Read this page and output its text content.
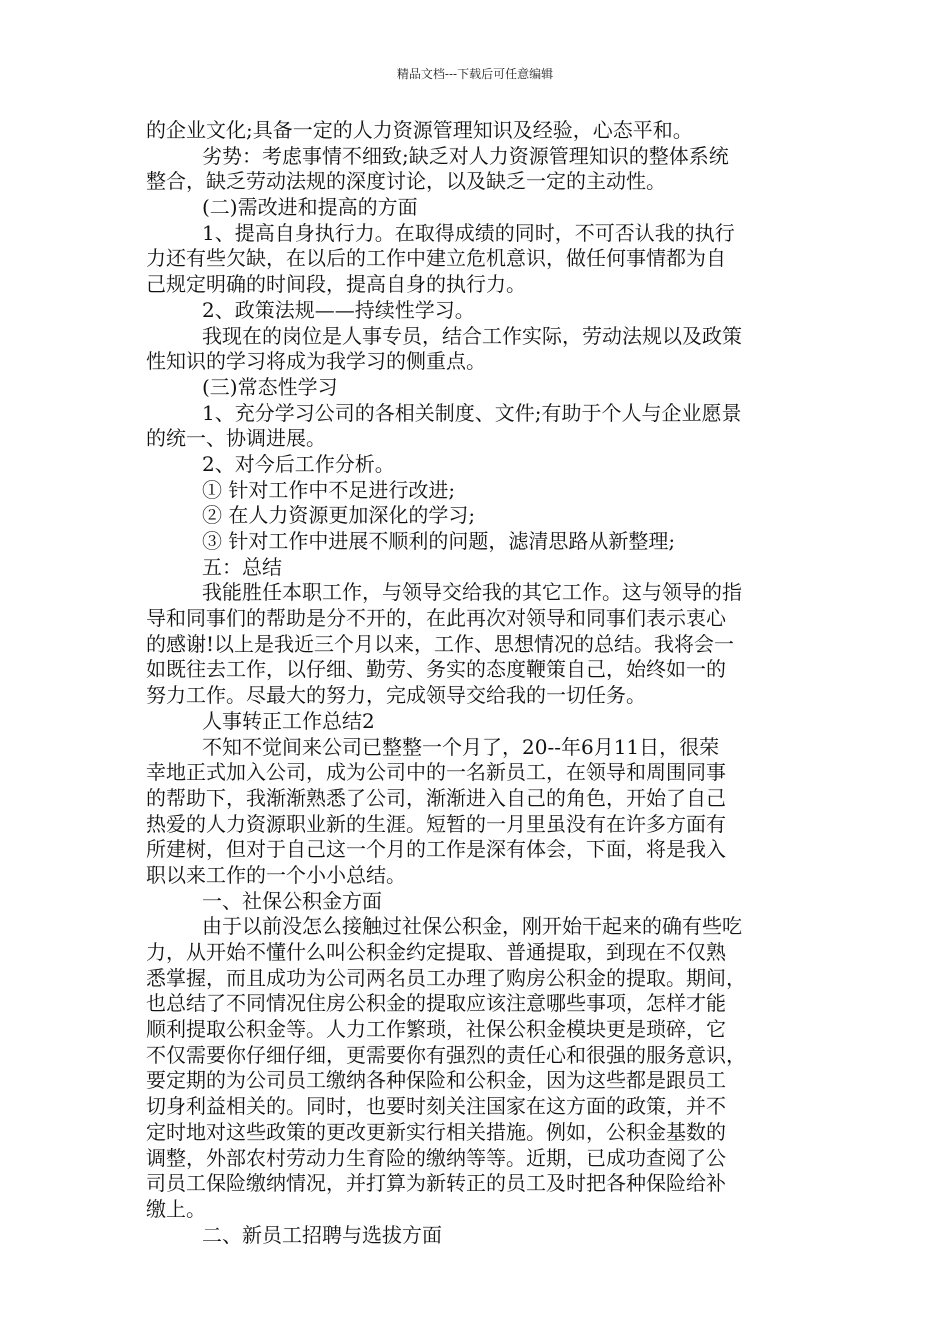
精品文档---下载后可任意编辑
的企业文化;具备一定的人力资源管理知识及经验，心态平和。
劣势：考虑事情不细致;缺乏对人力资源管理知识的整体系统
整合，缺乏劳动法规的深度讨论，以及缺乏一定的主动性。
(二)需改进和提高的方面
1、提高自身执行力。在取得成绩的同时，不可否认我的执行
力还有些欠缺，在以后的工作中建立危机意识，做任何事情都为自
己规定明确的时间段，提高自身的执行力。
2、政策法规——持续性学习。
我现在的岗位是人事专员，结合工作实际，劳动法规以及政策
性知识的学习将成为我学习的侧重点。
(三)常态性学习
1、充分学习公司的各相关制度、文件;有助于个人与企业愿景
的统一、协调进展。
2、对今后工作分析。
① 针对工作中不足进行改进;
② 在人力资源更加深化的学习;
③ 针对工作中进展不顺利的问题，滤清思路从新整理;
五：总结
我能胜任本职工作，与领导交给我的其它工作。这与领导的指
导和同事们的帮助是分不开的，在此再次对领导和同事们表示衷心
的感谢!以上是我近三个月以来，工作、思想情况的总结。我将会一
如既往去工作，以仔细、勤劳、务实的态度鞭策自己，始终如一的
努力工作。尽最大的努力，完成领导交给我的一切任务。
人事转正工作总结2
不知不觉间来公司已整整一个月了，20--年6月11日，很荣
幸地正式加入公司，成为公司中的一名新员工，在领导和周围同事
的帮助下，我渐渐熟悉了公司，渐渐进入自己的角色，开始了自己
热爱的人力资源职业新的生涯。短暂的一月里虽没有在许多方面有
所建树，但对于自己这一个月的工作是深有体会，下面，将是我入
职以来工作的一个小小总结。
一、社保公积金方面
由于以前没怎么接触过社保公积金，刚开始干起来的确有些吃
力，从开始不懂什么叫公积金约定提取、普通提取，到现在不仅熟
悉掌握，而且成功为公司两名员工办理了购房公积金的提取。期间，
也总结了不同情况住房公积金的提取应该注意哪些事项，怎样才能
顺利提取公积金等。人力工作繁琐，社保公积金模块更是琐碎，它
不仅需要你仔细仔细，更需要你有强烈的责任心和很强的服务意识，
要定期的为公司员工缴纳各种保险和公积金，因为这些都是跟员工
切身利益相关的。同时，也要时刻关注国家在这方面的政策，并不
定时地对这些政策的更改更新实行相关措施。例如，公积金基数的
调整，外部农村劳动力生育险的缴纳等等。近期，已成功查阅了公
司员工保险缴纳情况，并打算为新转正的员工及时把各种保险给补
缴上。
二、新员工招聘与选拔方面
